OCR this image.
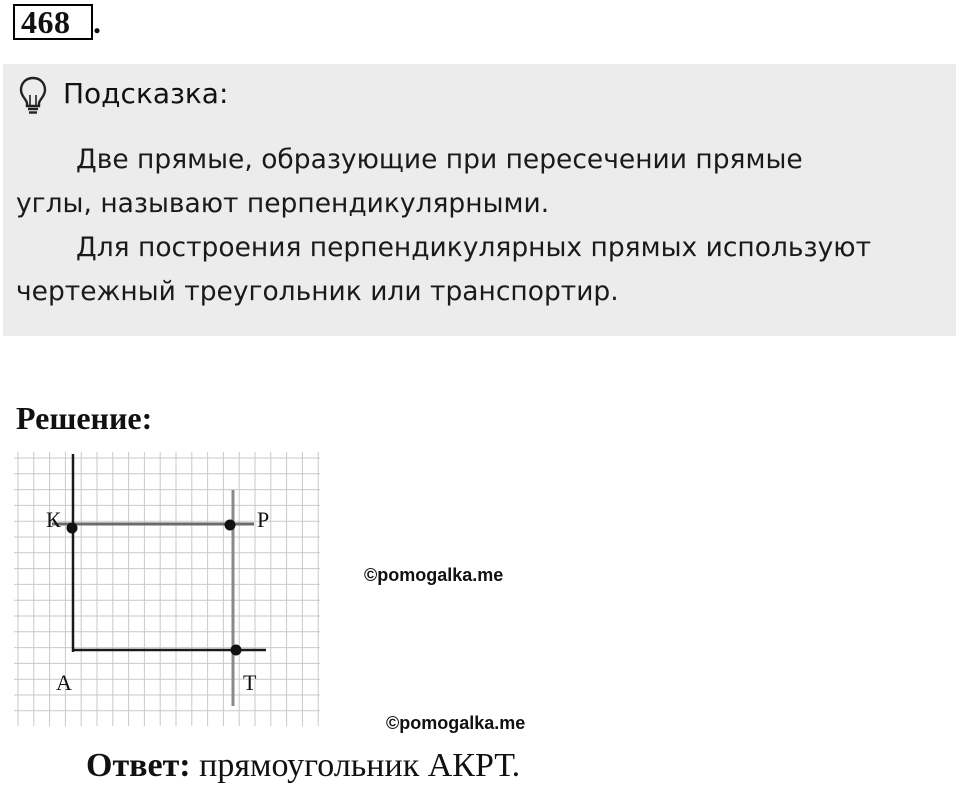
468 .
Подсказка:
Две прямые, образующие при пересечении прямые
углы, называют перпендикулярными.
Для построения перпендикулярных прямых используют
чертежный треугольник или транспортир.
Решение:
К	Р
А	Т
©pomogalka.me
©pomogalka.me
Ответ: прямоугольник АКРТ.
